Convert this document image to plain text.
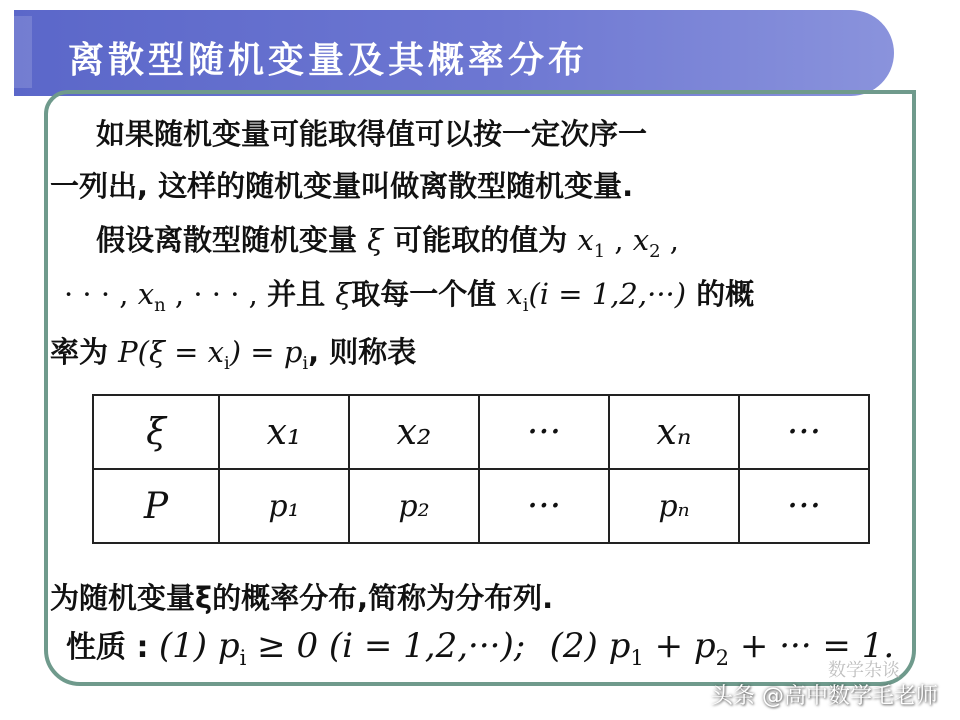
离散型随机变量及其概率分布
如果随机变量可能取得值可以按一定次序一
一列出, 这样的随机变量叫做离散型随机变量.
假设离散型随机变量 ξ 可能取的值为 $x_1$ , $x_2$ ,
· · · , $x_n$ , · · · , 并且 ξ取每一个值 $x_i(i = 1,2,\cdot\cdot\cdot)$ 的概
率为 $P(\xi = x_i) = p_i$, 则称表
ξ	x₁	x₂	···	xₙ	···
P	p₁	p₂	···	pₙ	···
为随机变量ξ的概率分布,简称为分布列.
性质 : (1) $p_i \ge 0$ (i = 1,2,···); (2) $p_1 + p_2$ + ··· = 1.
数学杂谈
头条 @高中数学毛老师
